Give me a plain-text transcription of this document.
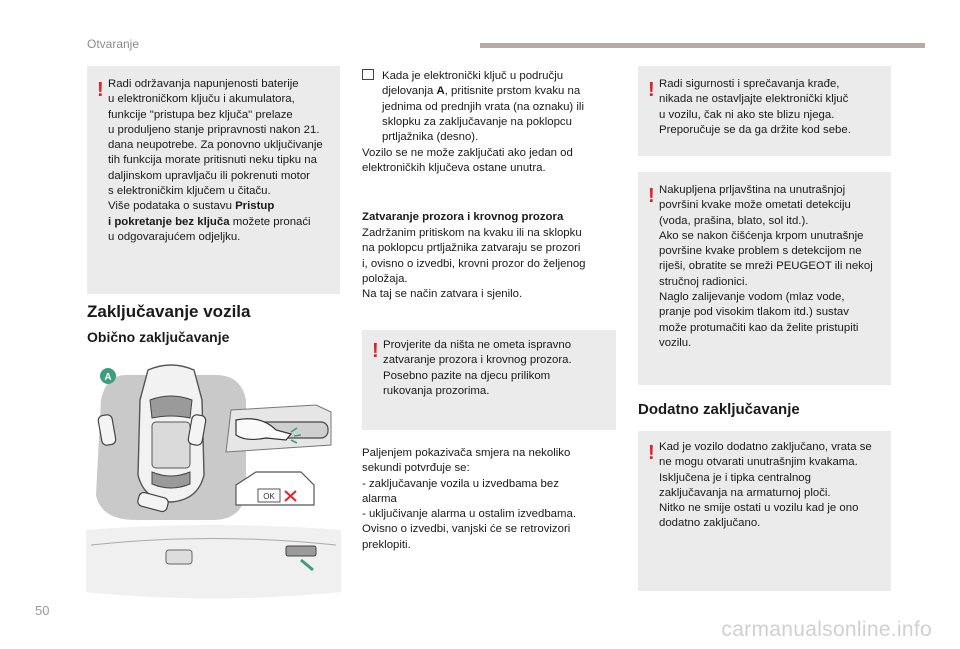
Otvaranje
! Radi održavanja napunjenosti baterije
u elektroničkom ključu i akumulatora,
funkcije "pristupa bez ključa" prelaze
u produljeno stanje pripravnosti nakon 21.
dana neupotrebe. Za ponovno uključivanje
tih funkcija morate pritisnuti neku tipku na
daljinskom upravljaču ili pokrenuti motor
s elektroničkim ključem u čitaču.
Više podataka o sustavu Pristup
i pokretanje bez ključa možete pronaći
u odgovarajućem odjeljku.
Zaključavanje vozila
Obično zaključavanje
A
OK
Kada je elektronički ključ u području
djelovanja A, pritisnite prstom kvaku na
jednima od prednjih vrata (na oznaku) ili
sklopku za zaključavanje na poklopcu
prtljažnika (desno).
Vozilo se ne može zaključati ako jedan od
elektroničkih ključeva ostane unutra.
Zatvaranje prozora i krovnog prozora
Zadržanim pritiskom na kvaku ili na sklopku
na poklopcu prtljažnika zatvaraju se prozori
i, ovisno o izvedbi, krovni prozor do željenog
položaja.
Na taj se način zatvara i sjenilo.
! Provjerite da ništa ne ometa ispravno
zatvaranje prozora i krovnog prozora.
Posebno pazite na djecu prilikom
rukovanja prozorima.
Paljenjem pokazivača smjera na nekoliko
sekundi potvrđuje se:
- zaključavanje vozila u izvedbama bez
alarma
- uključivanje alarma u ostalim izvedbama.
Ovisno o izvedbi, vanjski će se retrovizori
preklopiti.
! Radi sigurnosti i sprečavanja krađe,
nikada ne ostavljajte elektronički ključ
u vozilu, čak ni ako ste blizu njega.
Preporučuje se da ga držite kod sebe.
! Nakupljena prljavština na unutrašnjoj
površini kvake može ometati detekciju
(voda, prašina, blato, sol itd.).
Ako se nakon čišćenja krpom unutrašnje
površine kvake problem s detekcijom ne
riješi, obratite se mreži PEUGEOT ili nekoj
stručnoj radionici.
Naglo zalijevanje vodom (mlaz vode,
pranje pod visokim tlakom itd.) sustav
može protumačiti kao da želite pristupiti
vozilu.
Dodatno zaključavanje
! Kad je vozilo dodatno zaključano, vrata se
ne mogu otvarati unutrašnjim kvakama.
Isključena je i tipka centralnog
zaključavanja na armaturnoj ploči.
Nitko ne smije ostati u vozilu kad je ono
dodatno zaključano.
50
carmanualsonline.info
